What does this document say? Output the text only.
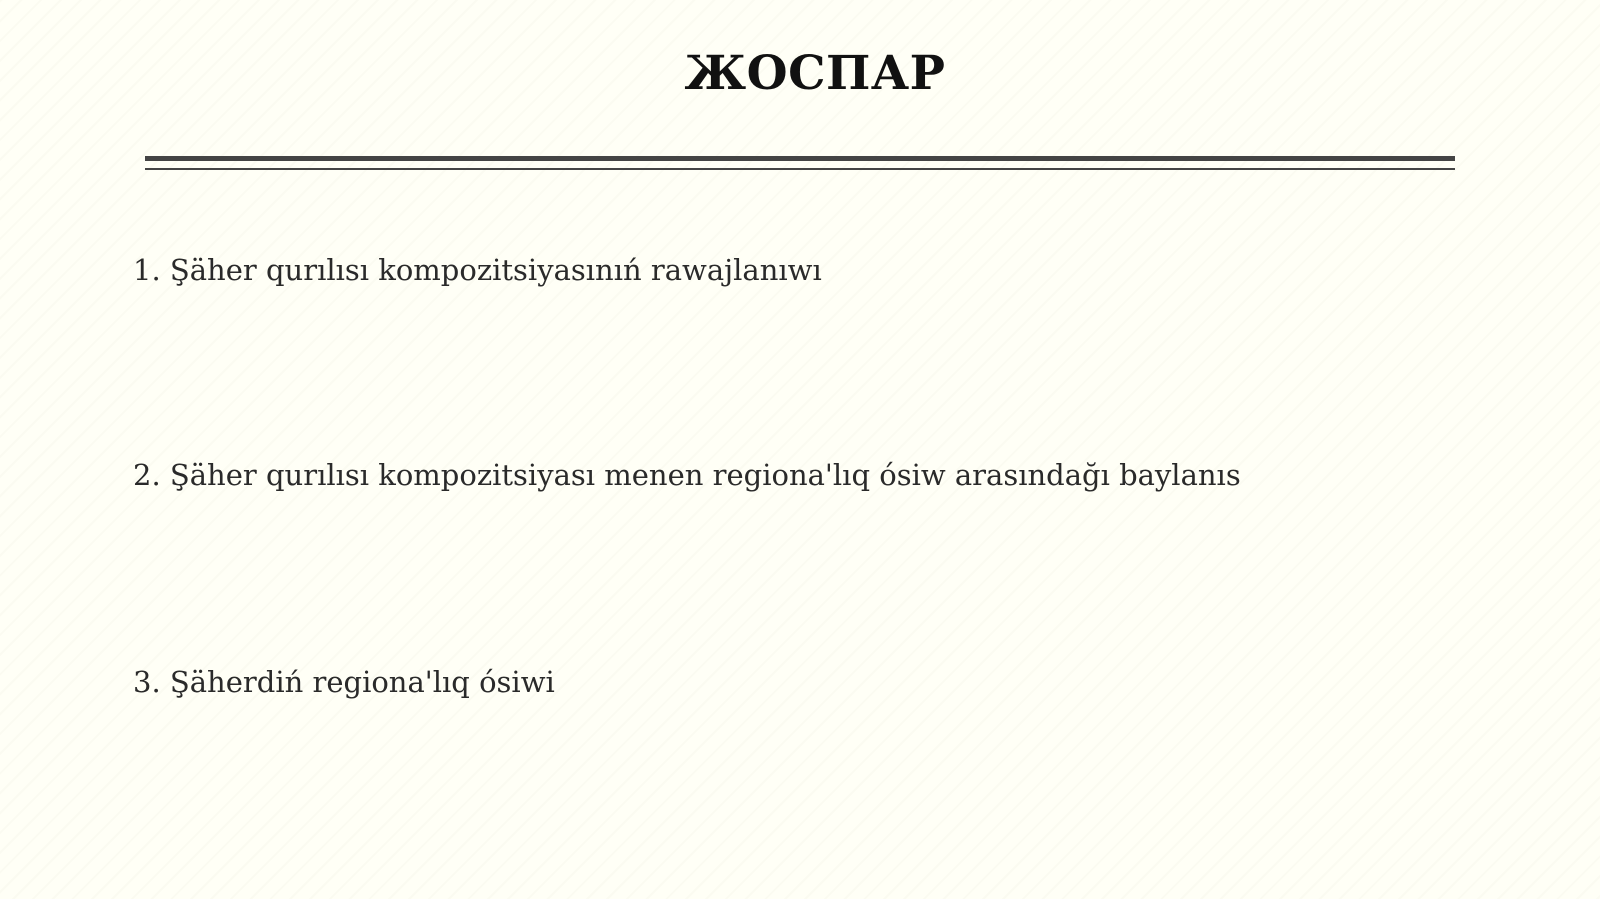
ЖОСПАР
1. Şäher qurılısı kompozitsiyasınıń rawajlanıwı
2. Şäher qurılısı kompozitsiyası menen regiona'lıq ósiw arasındağı baylanıs
3. Şäherdiń regiona'lıq ósiwi
